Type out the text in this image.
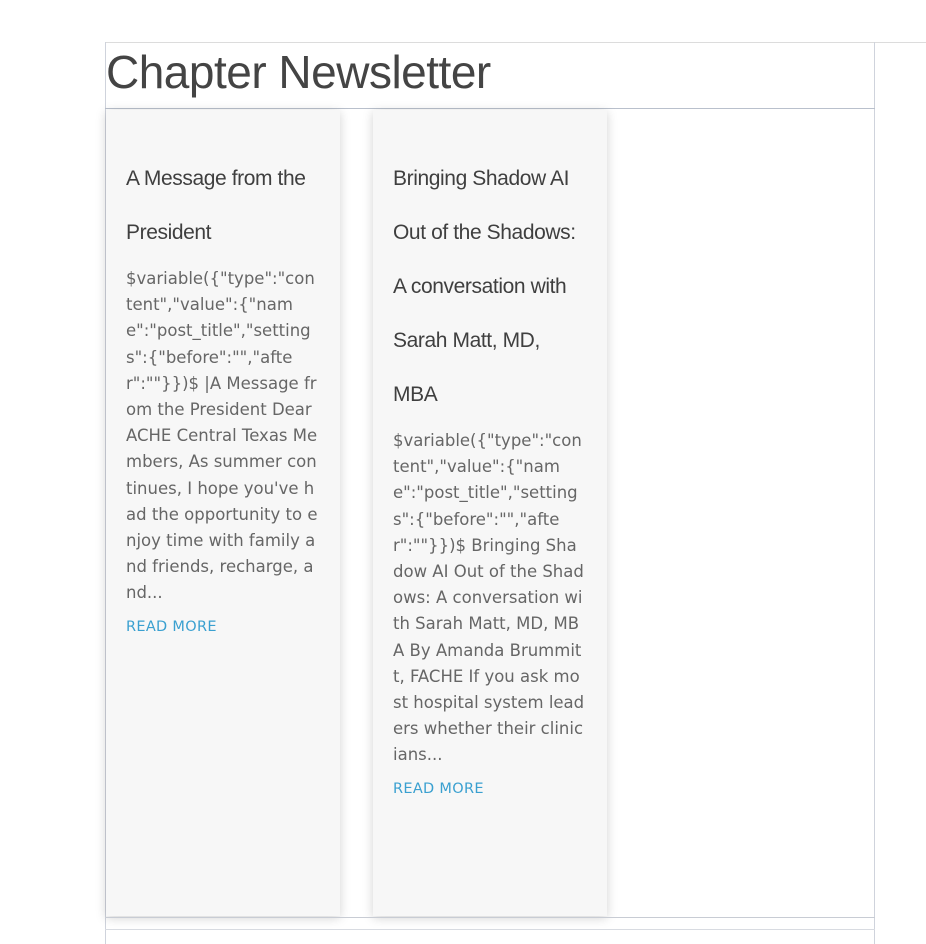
Chapter Newsletter
A Message from the President

$variable({"type":"content","value":{"name":"post_title","settings":{"before":"","after":""}})$ |A Message from the President Dear ACHE Central Texas Members, As summer continues, I hope you've had the opportunity to enjoy time with family and friends, recharge, and...

READ MORE
Bringing Shadow AI Out of the Shadows: A conversation with Sarah Matt, MD, MBA

$variable({"type":"content","value":{"name":"post_title","settings":{"before":"","after":""}})$ Bringing Shadow AI Out of the Shadows: A conversation with Sarah Matt, MD, MBA By Amanda Brummitt, FACHE If you ask most hospital system leaders whether their clinicians...

READ MORE
